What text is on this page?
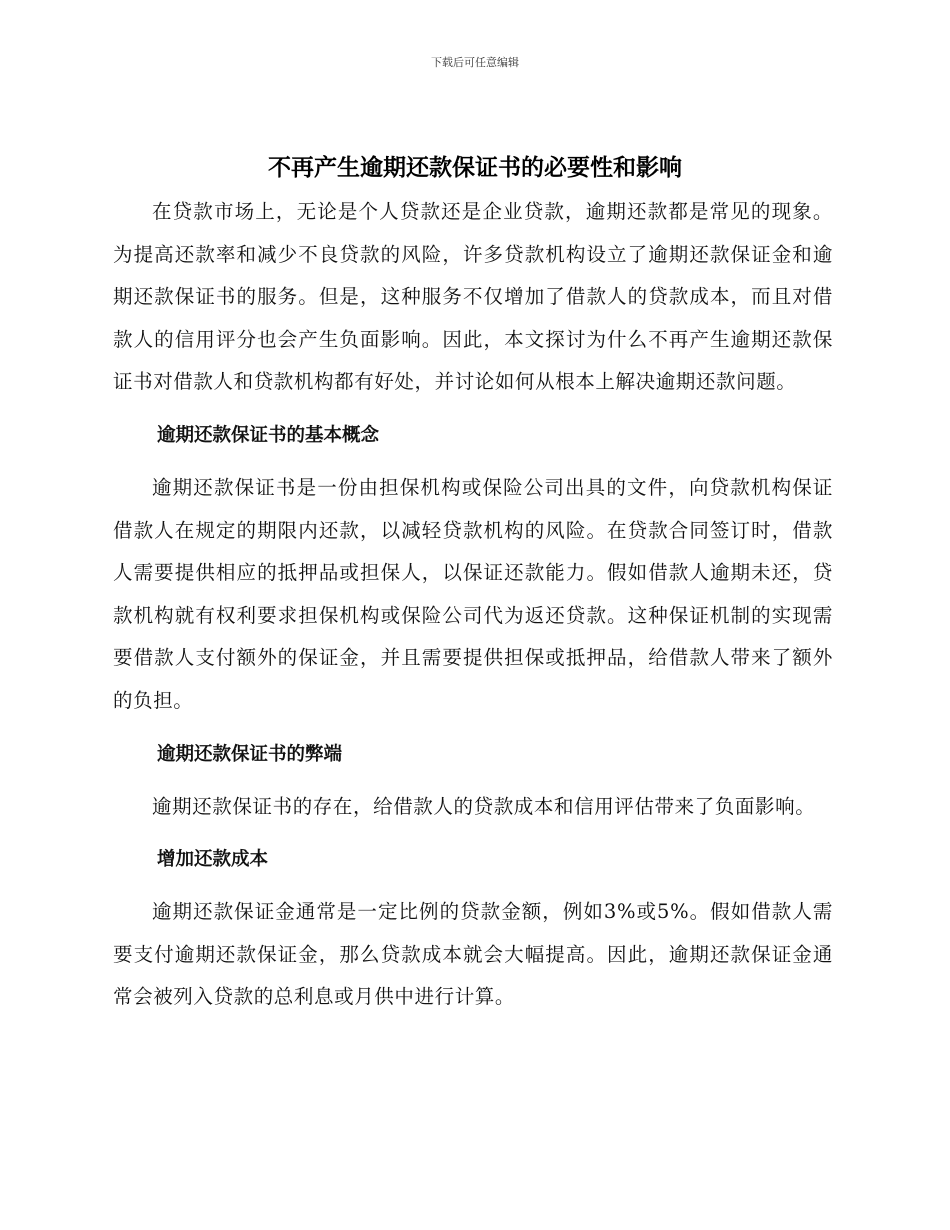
下载后可任意编辑
不再产生逾期还款保证书的必要性和影响

在贷款市场上，无论是个人贷款还是企业贷款，逾期还款都是常见的现象。为提高还款率和减少不良贷款的风险，许多贷款机构设立了逾期还款保证金和逾期还款保证书的服务。但是，这种服务不仅增加了借款人的贷款成本，而且对借款人的信用评分也会产生负面影响。因此，本文探讨为什么不再产生逾期还款保证书对借款人和贷款机构都有好处，并讨论如何从根本上解决逾期还款问题。

逾期还款保证书的基本概念

逾期还款保证书是一份由担保机构或保险公司出具的文件，向贷款机构保证借款人在规定的期限内还款，以减轻贷款机构的风险。在贷款合同签订时，借款人需要提供相应的抵押品或担保人，以保证还款能力。假如借款人逾期未还，贷款机构就有权利要求担保机构或保险公司代为返还贷款。这种保证机制的实现需要借款人支付额外的保证金，并且需要提供担保或抵押品，给借款人带来了额外的负担。

逾期还款保证书的弊端

逾期还款保证书的存在，给借款人的贷款成本和信用评估带来了负面影响。

增加还款成本

逾期还款保证金通常是一定比例的贷款金额，例如3%或5%。假如借款人需要支付逾期还款保证金，那么贷款成本就会大幅提高。因此，逾期还款保证金通常会被列入贷款的总利息或月供中进行计算。
